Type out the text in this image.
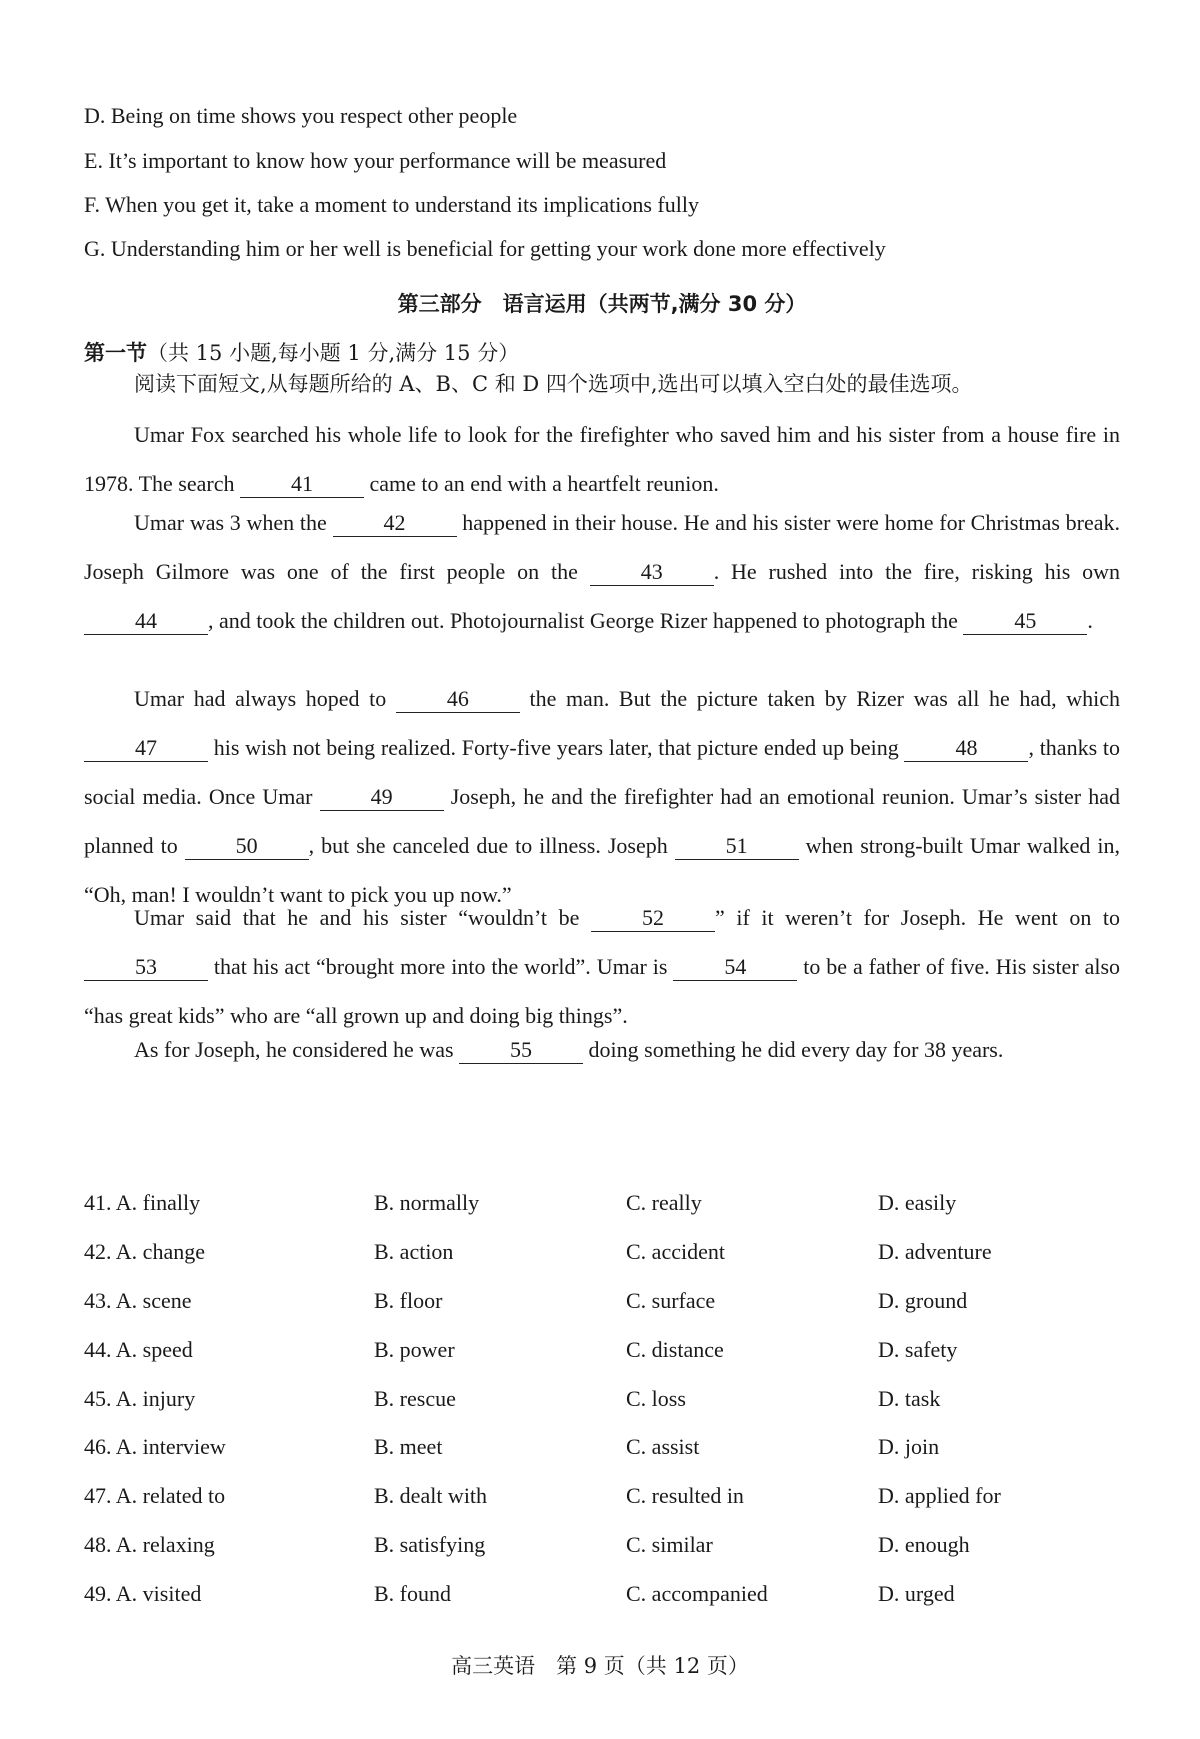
D. Being on time shows you respect other people
E. It’s important to know how your performance will be measured
F. When you get it, take a moment to understand its implications fully
G. Understanding him or her well is beneficial for getting your work done more effectively
第三部分　语言运用（共两节,满分 30 分）
第一节（共 15 小题,每小题 1 分,满分 15 分）
阅读下面短文,从每题所给的 A、B、C 和 D 四个选项中,选出可以填入空白处的最佳选项。
Umar Fox searched his whole life to look for the firefighter who saved him and his sister from a house fire in 1978. The search 41 came to an end with a heartfelt reunion.
Umar was 3 when the 42 happened in their house. He and his sister were home for Christmas break. Joseph Gilmore was one of the first people on the 43 . He rushed into the fire, risking his own 44 , and took the children out. Photojournalist George Rizer happened to photograph the 45 .
Umar had always hoped to 46 the man. But the picture taken by Rizer was all he had, which 47 his wish not being realized. Forty-five years later, that picture ended up being 48 , thanks to social media. Once Umar 49 Joseph, he and the firefighter had an emotional reunion. Umar’s sister had planned to 50 , but she canceled due to illness. Joseph 51 when strong-built Umar walked in, “Oh, man! I wouldn’t want to pick you up now.”
Umar said that he and his sister “wouldn’t be 52 ” if it weren’t for Joseph. He went on to 53 that his act “brought more into the world”. Umar is 54 to be a father of five. His sister also “has great kids” who are “all grown up and doing big things”.
As for Joseph, he considered he was 55 doing something he did every day for 38 years.
41. A. finally	B. normally	C. really	D. easily
42. A. change	B. action	C. accident	D. adventure
43. A. scene	B. floor	C. surface	D. ground
44. A. speed	B. power	C. distance	D. safety
45. A. injury	B. rescue	C. loss	D. task
46. A. interview	B. meet	C. assist	D. join
47. A. related to	B. dealt with	C. resulted in	D. applied for
48. A. relaxing	B. satisfying	C. similar	D. enough
49. A. visited	B. found	C. accompanied	D. urged
高三英语　第 9 页（共 12 页）
